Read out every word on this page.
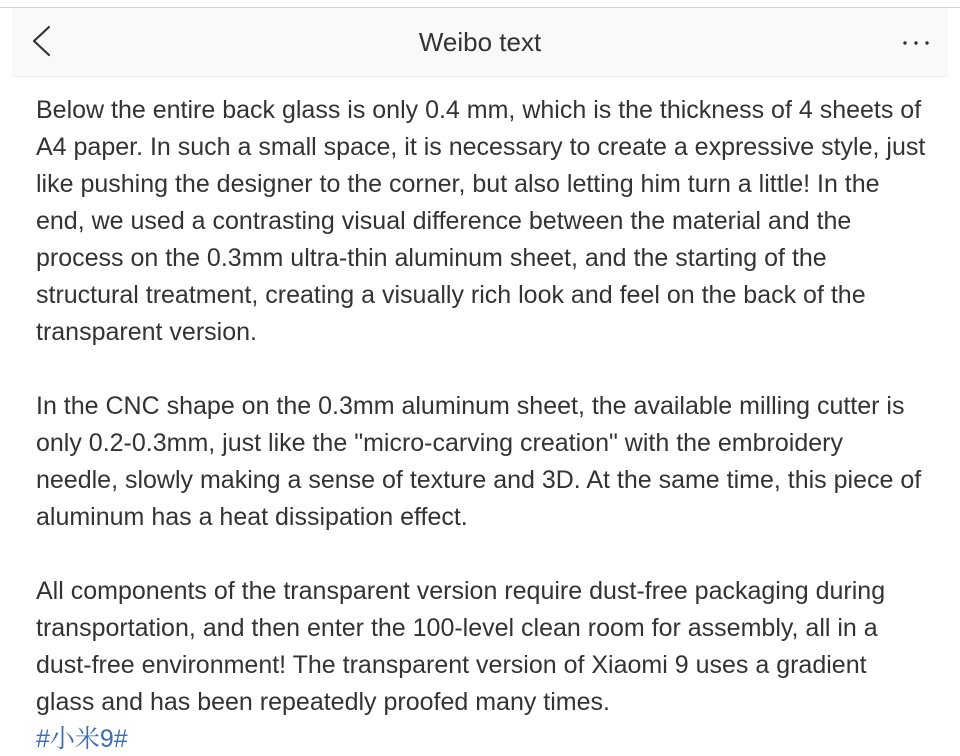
Weibo text
Below the entire back glass is only 0.4 mm, which is the thickness of 4 sheets of
A4 paper. In such a small space, it is necessary to create a expressive style, just
like pushing the designer to the corner, but also letting him turn a little! In the
end, we used a contrasting visual difference between the material and the
process on the 0.3mm ultra-thin aluminum sheet, and the starting of the
structural treatment, creating a visually rich look and feel on the back of the
transparent version.
In the CNC shape on the 0.3mm aluminum sheet, the available milling cutter is
only 0.2-0.3mm, just like the "micro-carving creation" with the embroidery
needle, slowly making a sense of texture and 3D. At the same time, this piece of
aluminum has a heat dissipation effect.
All components of the transparent version require dust-free packaging during
transportation, and then enter the 100-level clean room for assembly, all in a
dust-free environment! The transparent version of Xiaomi 9 uses a gradient
glass and has been repeatedly proofed many times.
#小米9#
